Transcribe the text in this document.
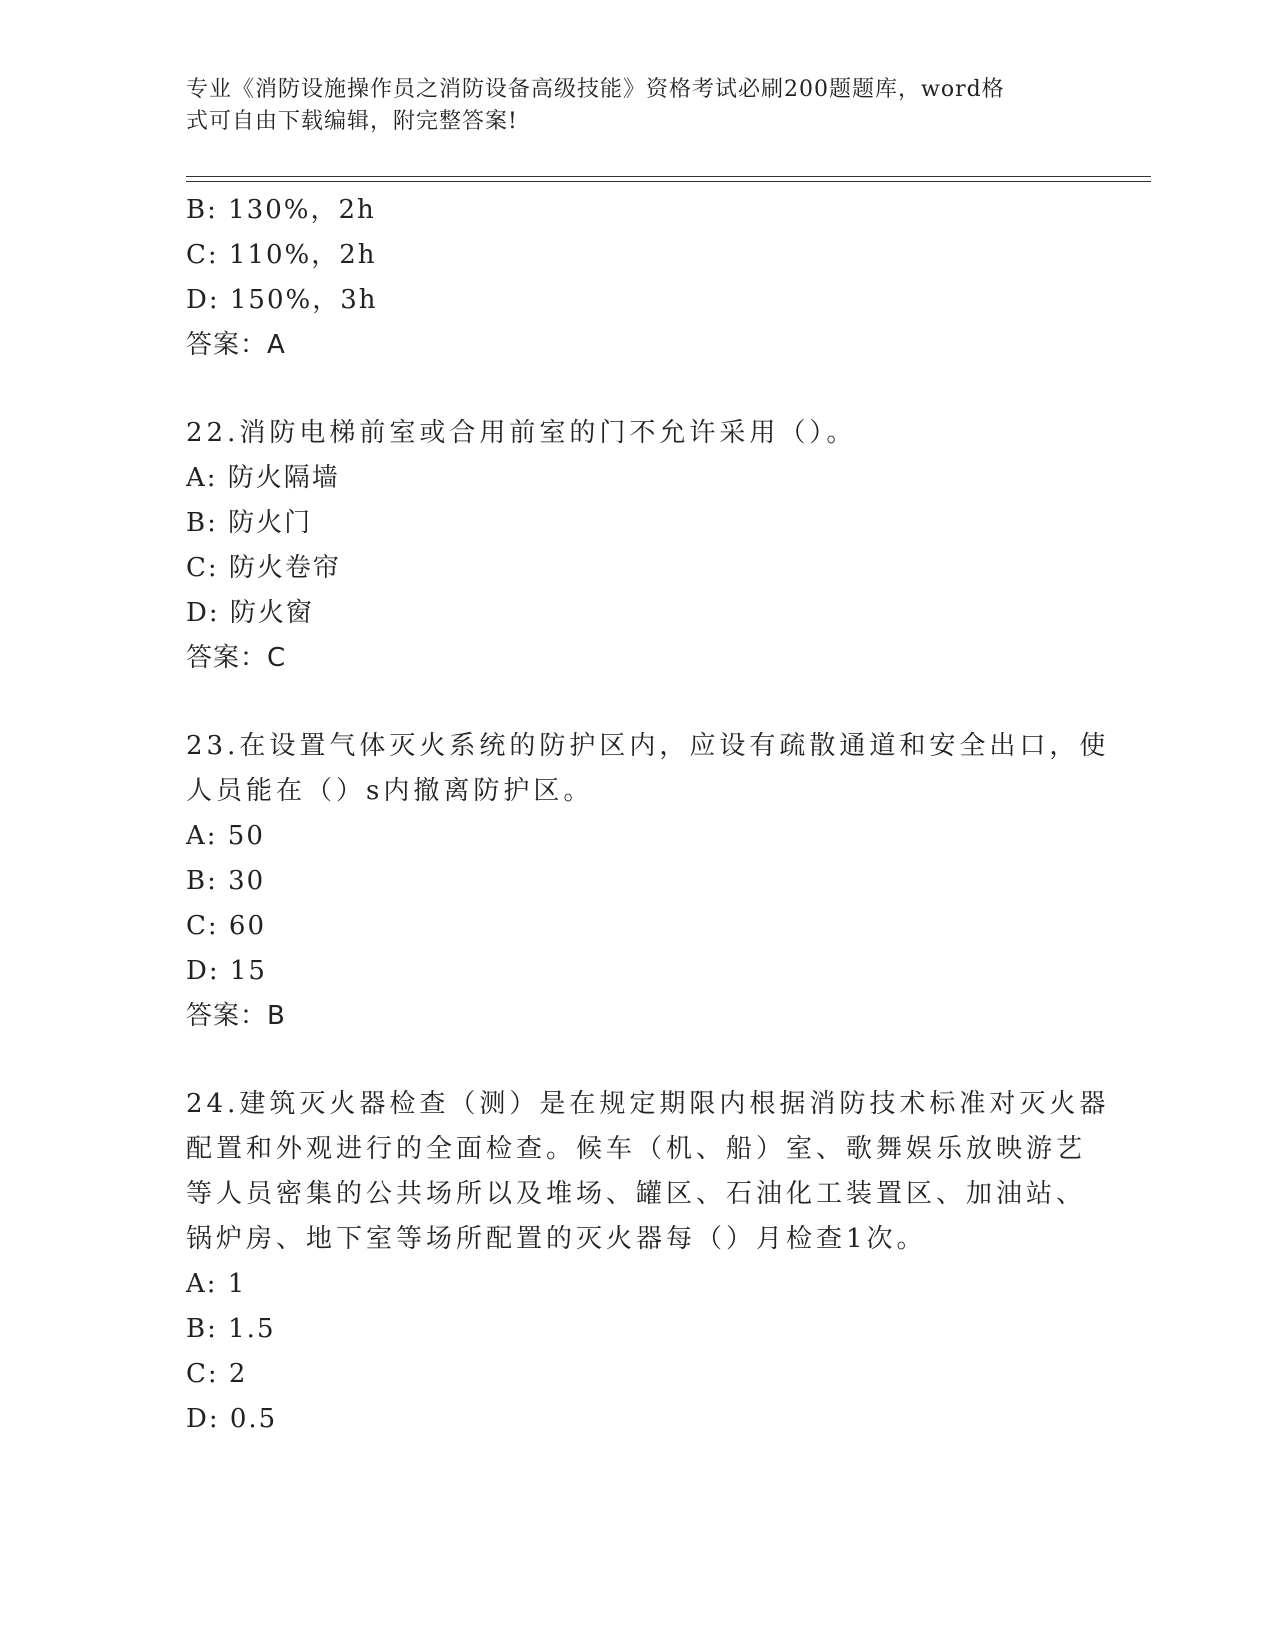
专业《消防设施操作员之消防设备高级技能》资格考试必刷200题题库，word格
式可自由下载编辑，附完整答案!
B: 130%，2h
C: 110%，2h
D: 150%，3h
答案：A
22.消防电梯前室或合用前室的门不允许采用（）。
A: 防火隔墙
B: 防火门
C: 防火卷帘
D: 防火窗
答案：C
23.在设置气体灭火系统的防护区内，应设有疏散通道和安全出口，使
人员能在（）s内撤离防护区。
A: 50
B: 30
C: 60
D: 15
答案：B
24.建筑灭火器检查（测）是在规定期限内根据消防技术标准对灭火器
配置和外观进行的全面检查。候车（机、船）室、歌舞娱乐放映游艺
等人员密集的公共场所以及堆场、罐区、石油化工装置区、加油站、
锅炉房、地下室等场所配置的灭火器每（）月检查1次。
A: 1
B: 1.5
C: 2
D: 0.5
